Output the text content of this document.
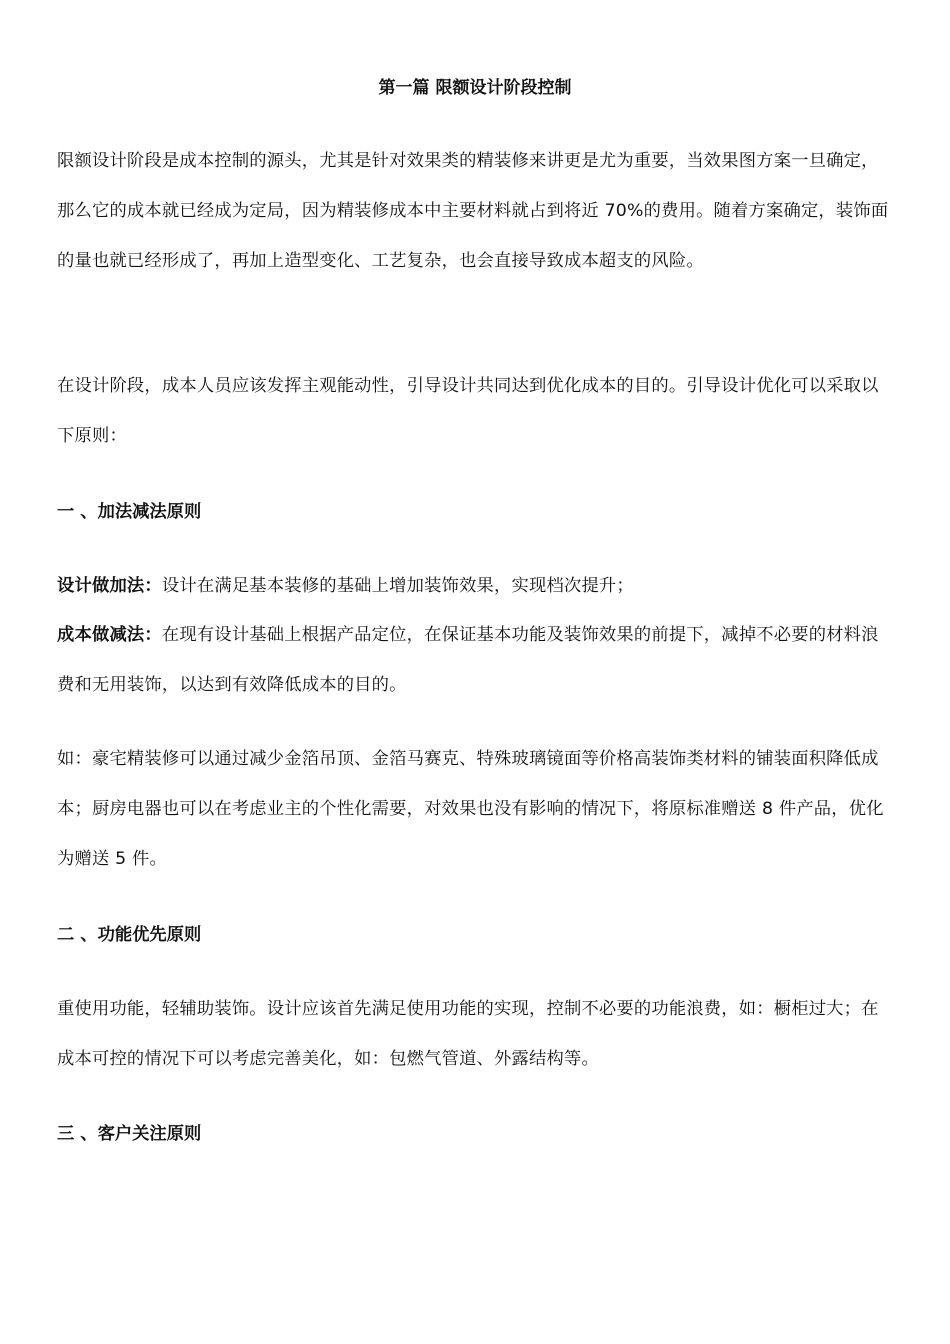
第一篇 限额设计阶段控制

限额设计阶段是成本控制的源头，尤其是针对效果类的精装修来讲更是尤为重要，当效果图方案一旦确定，那么它的成本就已经成为定局，因为精装修成本中主要材料就占到将近 70%的费用。随着方案确定，装饰面的量也就已经形成了，再加上造型变化、工艺复杂，也会直接导致成本超支的风险。

在设计阶段，成本人员应该发挥主观能动性，引导设计共同达到优化成本的目的。引导设计优化可以采取以下原则：

一 、加法减法原则

设计做加法：设计在满足基本装修的基础上增加装饰效果，实现档次提升；

成本做减法：在现有设计基础上根据产品定位，在保证基本功能及装饰效果的前提下，减掉不必要的材料浪费和无用装饰，以达到有效降低成本的目的。

如：豪宅精装修可以通过减少金箔吊顶、金箔马赛克、特殊玻璃镜面等价格高装饰类材料的铺装面积降低成本；厨房电器也可以在考虑业主的个性化需要，对效果也没有影响的情况下，将原标准赠送 8 件产品，优化为赠送 5 件。

二 、功能优先原则

重使用功能，轻辅助装饰。设计应该首先满足使用功能的实现，控制不必要的功能浪费，如：橱柜过大；在成本可控的情况下可以考虑完善美化，如：包燃气管道、外露结构等。

三 、客户关注原则
